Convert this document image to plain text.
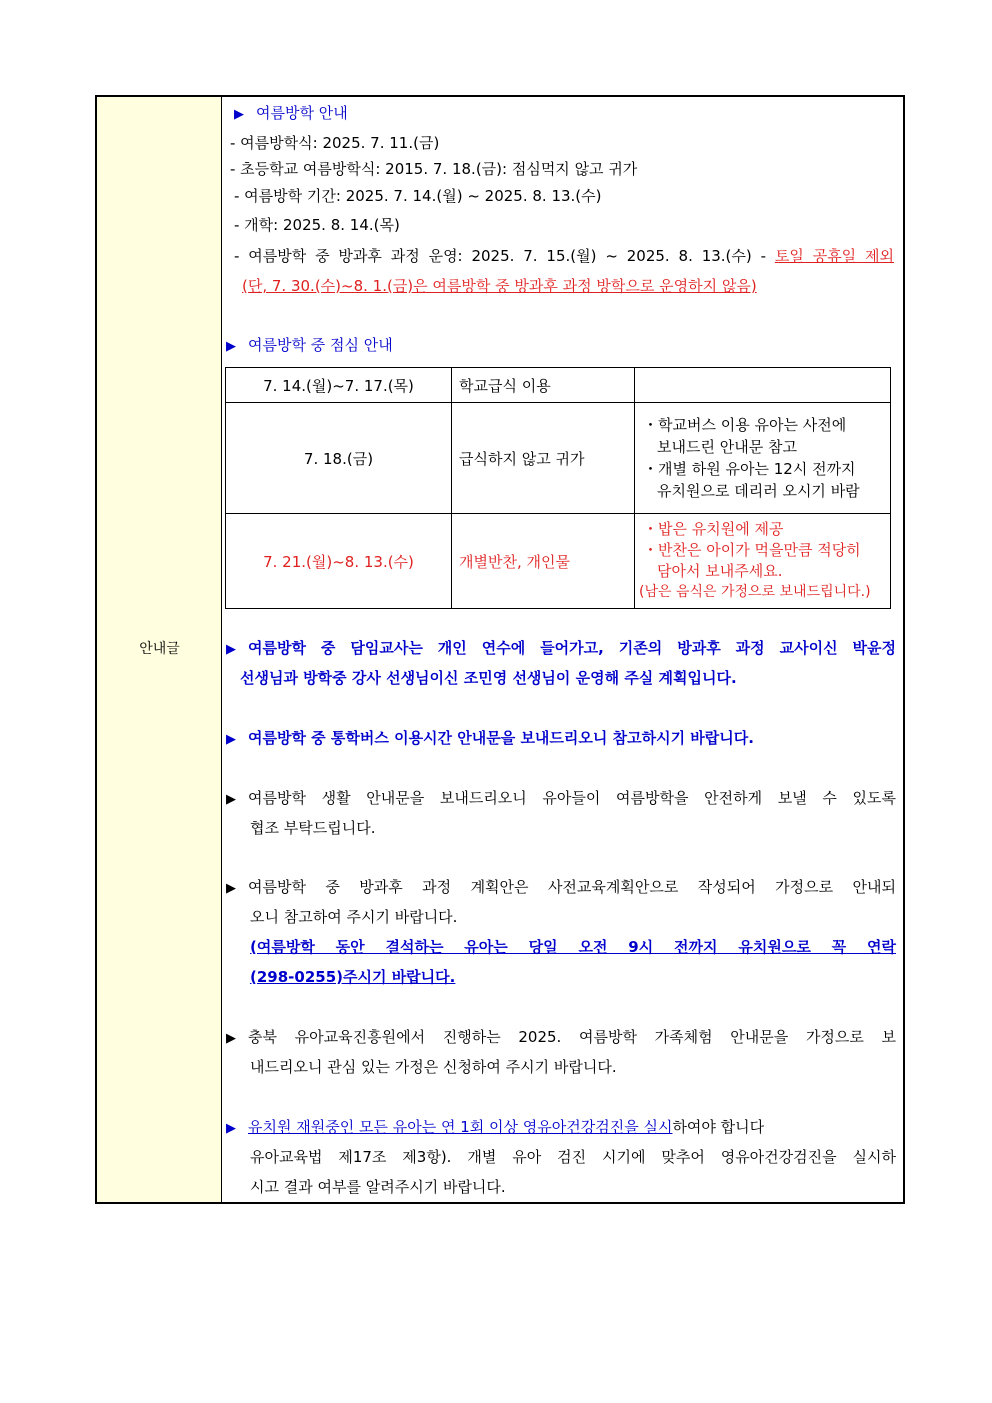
안내글
▶ 여름방학 안내
- 여름방학식: 2025. 7. 11.(금)
- 초등학교 여름방학식: 2015. 7. 18.(금): 점심먹지 않고 귀가
- 여름방학 기간: 2025. 7. 14.(월) ~ 2025. 8. 13.(수)
- 개학: 2025. 8. 14.(목)
- 여름방학 중 방과후 과정 운영: 2025. 7. 15.(월) ~ 2025. 8. 13.(수) - 토일 공휴일 제외
(단, 7. 30.(수)~8. 1.(금)은 여름방학 중 방과후 과정 방학으로 운영하지 않음)
▶ 여름방학 중 점심 안내
7. 14.(월)~7. 17.(목)	학교급식 이용	
7. 18.(금)	급식하지 않고 귀가	・학교버스 이용 유아는 사전에
보내드린 안내문 참고
・개별 하원 유아는 12시 전까지
유치원으로 데리러 오시기 바람

7. 21.(월)~8. 13.(수)	개별반찬, 개인물	・밥은 유치원에 제공
・반찬은 아이가 먹을만큼 적당히
담아서 보내주세요.
(남은 음식은 가정으로 보내드립니다.)
▶ 여름방학 중 담임교사는 개인 연수에 들어가고, 기존의 방과후 과정 교사이신 박윤정
선생님과 방학중 강사 선생님이신 조민영 선생님이 운영해 주실 계획입니다.
▶ 여름방학 중 통학버스 이용시간 안내문을 보내드리오니 참고하시기 바랍니다.
▶ 여름방학 생활 안내문을 보내드리오니 유아들이 여름방학을 안전하게 보낼 수 있도록
협조 부탁드립니다.
▶ 여름방학 중 방과후 과정 계획안은 사전교육계획안으로 작성되어 가정으로 안내되
오니 참고하여 주시기 바랍니다.
(여름방학 동안 결석하는 유아는 당일 오전 9시 전까지 유치원으로 꼭 연락
(298-0255)주시기 바랍니다.
▶ 충북 유아교육진흥원에서 진행하는 2025. 여름방학 가족체험 안내문을 가정으로 보
내드리오니 관심 있는 가정은 신청하여 주시기 바랍니다.
▶ 유치원 재원중인 모든 유아는 연 1회 이상 영유아건강검진을 실시하여야 합니다
유아교육법 제17조 제3항). 개별 유아 검진 시기에 맞추어 영유아건강검진을 실시하
시고 결과 여부를 알려주시기 바랍니다.
